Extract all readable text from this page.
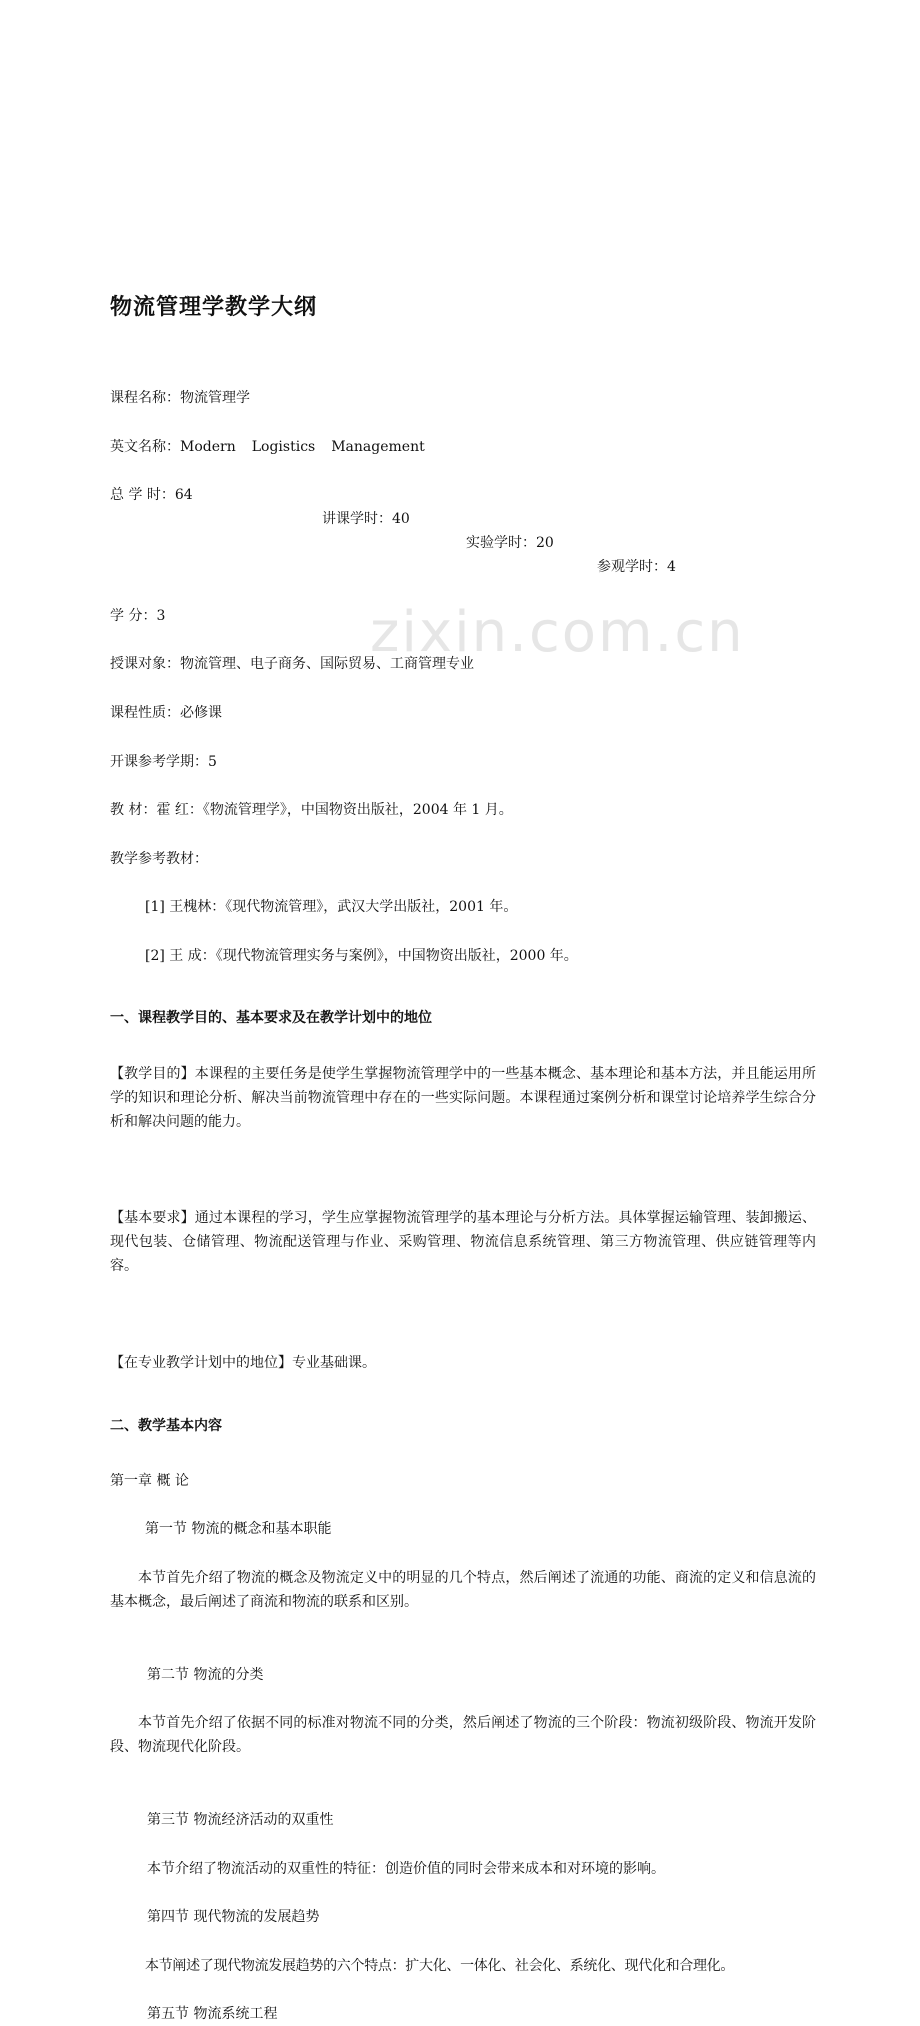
zixin.com.cn
物流管理学教学大纲
课程名称：物流管理学
英文名称：Modern Logistics Management
总 学 时：64
讲课学时：40
实验学时：20
参观学时：4
学 分：3
授课对象：物流管理、电子商务、国际贸易、工商管理专业
课程性质：必修课
开课参考学期：5
教 材：霍 红：《物流管理学》，中国物资出版社，2004 年 1 月。
教学参考教材：
[1] 王槐林：《现代物流管理》，武汉大学出版社，2001 年。
[2] 王 成：《现代物流管理实务与案例》，中国物资出版社，2000 年。
一、课程教学目的、基本要求及在教学计划中的地位
【教学目的】本课程的主要任务是使学生掌握物流管理学中的一些基本概念、基本理论和基本方法，并且能运用所学的知识和理论分析、解决当前物流管理中存在的一些实际问题。本课程通过案例分析和课堂讨论培养学生综合分析和解决问题的能力。
【基本要求】通过本课程的学习，学生应掌握物流管理学的基本理论与分析方法。具体掌握运输管理、装卸搬运、现代包装、仓储管理、物流配送管理与作业、采购管理、物流信息系统管理、第三方物流管理、供应链管理等内容。
【在专业教学计划中的地位】专业基础课。
二、教学基本内容
第一章 概 论
第一节 物流的概念和基本职能
本节首先介绍了物流的概念及物流定义中的明显的几个特点，然后阐述了流通的功能、商流的定义和信息流的基本概念，最后阐述了商流和物流的联系和区别。
第二节 物流的分类
本节首先介绍了依据不同的标准对物流不同的分类，然后阐述了物流的三个阶段：物流初级阶段、物流开发阶段、物流现代化阶段。
第三节 物流经济活动的双重性
本节介绍了物流活动的双重性的特征：创造价值的同时会带来成本和对环境的影响。
第四节 现代物流的发展趋势
本节阐述了现代物流发展趋势的六个特点：扩大化、一体化、社会化、系统化、现代化和合理化。
第五节 物流系统工程
